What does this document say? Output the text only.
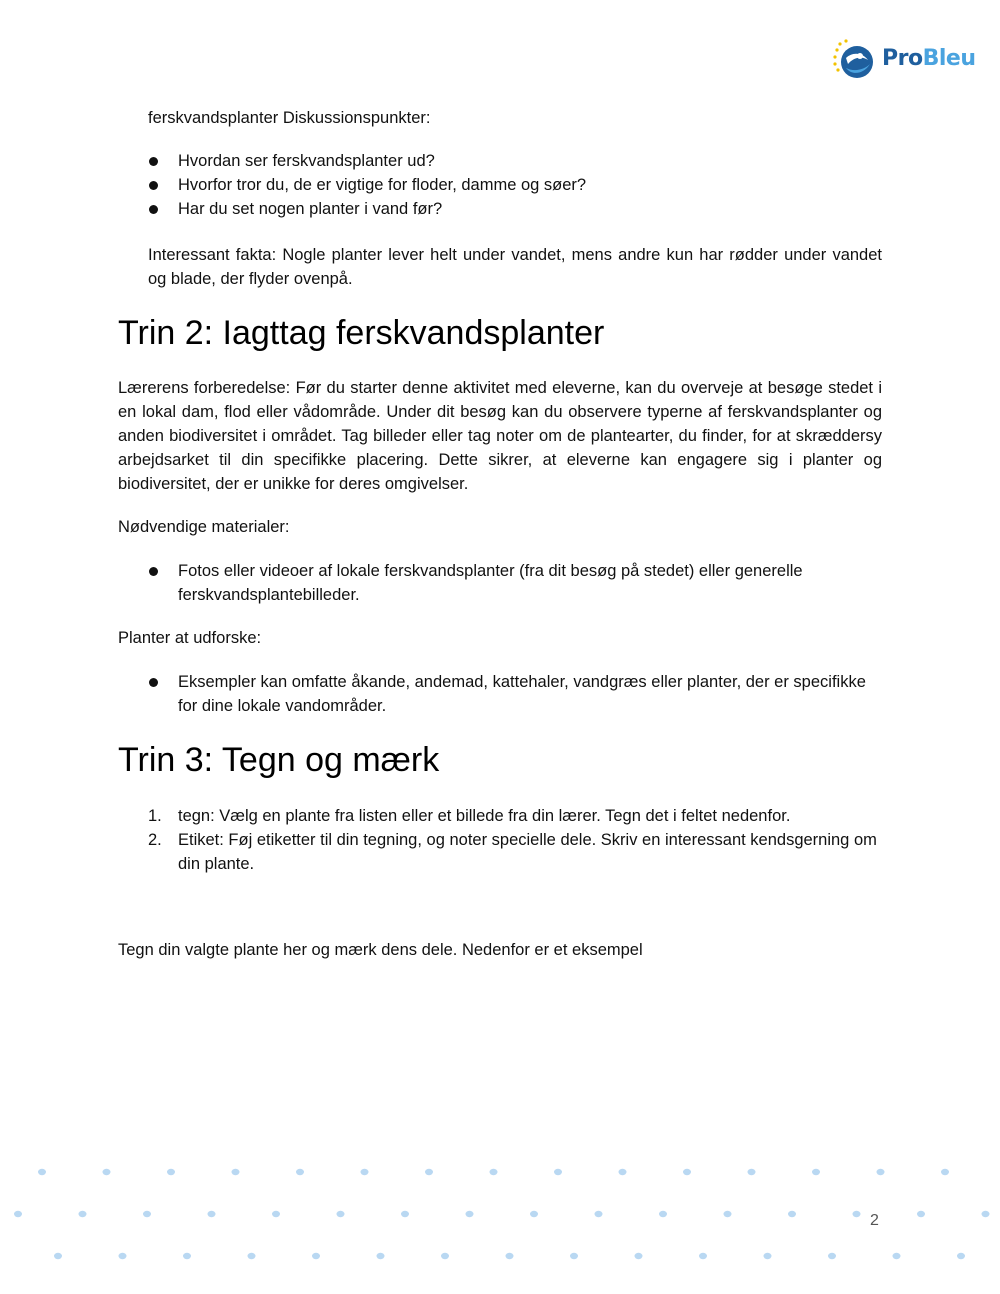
ProBleu

ferskvandsplanter Diskussionspunkter:

Hvordan ser ferskvandsplanter ud?
Hvorfor tror du, de er vigtige for floder, damme og søer?
Har du set nogen planter i vand før?

Interessant fakta: Nogle planter lever helt under vandet, mens andre kun har rødder under vandet og blade, der flyder ovenpå.

Trin 2: Iagttag ferskvandsplanter

Lærerens forberedelse: Før du starter denne aktivitet med eleverne, kan du overveje at besøge stedet i en lokal dam, flod eller vådområde. Under dit besøg kan du observere typerne af ferskvandsplanter og anden biodiversitet i området. Tag billeder eller tag noter om de plantearter, du finder, for at skræddersy arbejdsarket til din specifikke placering. Dette sikrer, at eleverne kan engagere sig i planter og biodiversitet, der er unikke for deres omgivelser.

Nødvendige materialer:

Fotos eller videoer af lokale ferskvandsplanter (fra dit besøg på stedet) eller generelle ferskvandsplantebilleder.

Planter at udforske:

Eksempler kan omfatte åkande, andemad, kattehaler, vandgræs eller planter, der er specifikke for dine lokale vandområder.
Trin 3: Tegn og mærk
1. tegn: Vælg en plante fra listen eller et billede fra din lærer. Tegn det i feltet nedenfor.
2. Etiket: Føj etiketter til din tegning, og noter specielle dele. Skriv en interessant kendsgerning om din plante.

Tegn din valgte plante her og mærk dens dele. Nedenfor er et eksempel

2
